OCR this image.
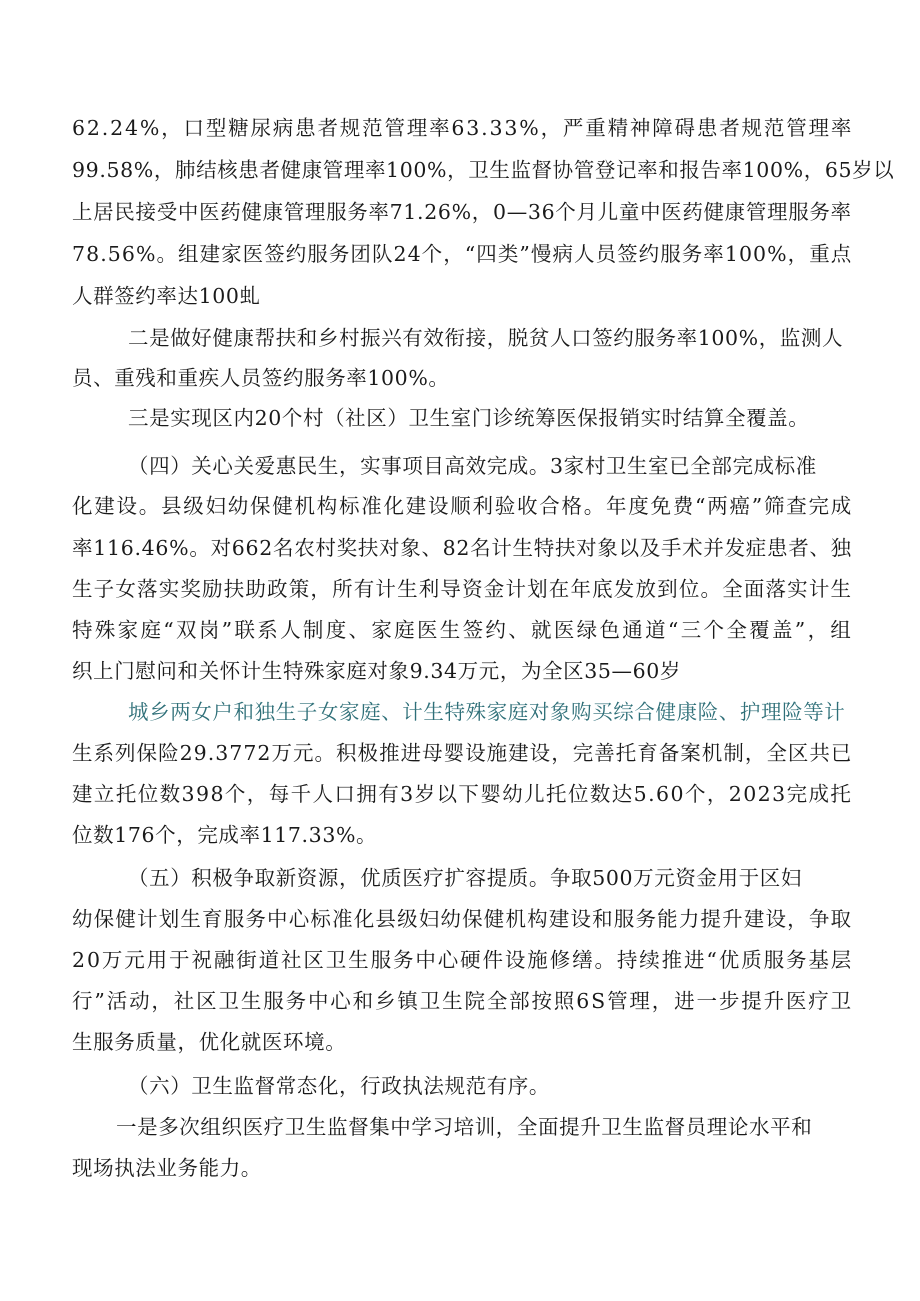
6 2 . 2 4 % ， 口 型 糖 尿 病 患 者 规 范 管 理 率 6 3 . 3 3 % ， 严 重 精 神 障 碍 患 者 规 范 管 理 率
9 9 . 5 8 % ， 肺 结 核 患 者 健 康 管 理 率 1 0 0 % ， 卫 生 监 督 协 管 登 记 率 和 报 告 率 1 0 0 % ， 6 5 岁 以
上 居 民 接 受 中 医 药 健 康 管 理 服 务 率 7 1 . 2 6 % ， 0 — 3 6 个 月 儿 童 中 医 药 健 康 管 理 服 务 率
7 8 . 5 6 % 。 组 建 家 医 签 约 服 务 团 队 2 4 个 ， “ 四 类 ” 慢 病 人 员 签 约 服 务 率 1 0 0 % ， 重 点
人群签约率达100虬
二是做好健康帮扶和乡村振兴有效衔接，脱贫人口签约服务率100%，监测人
员、重残和重疾人员签约服务率100%。
三是实现区内20个村（社区）卫生室门诊统筹医保报销实时结算全覆盖。
（四）关心关爱惠民生，实事项目高效完成。3家村卫生室已全部完成标准
化 建 设 。 县 级 妇 幼 保 健 机 构 标 准 化 建 设 顺 利 验 收 合 格 。 年 度 免 费 “ 两 癌 ” 筛 查 完 成
率 1 1 6 . 4 6 % 。 对 6 6 2 名 农 村 奖 扶 对 象 、 8 2 名 计 生 特 扶 对 象 以 及 手 术 并 发 症 患 者 、 独
生 子 女 落 实 奖 励 扶 助 政 策 ， 所 有 计 生 利 导 资 金 计 划 在 年 底 发 放 到 位 。 全 面 落 实 计 生
特 殊 家 庭 “ 双 岗 ” 联 系 人 制 度 、 家 庭 医 生 签 约 、 就 医 绿 色 通 道 “ 三 个 全 覆 盖 ” ， 组
织上门慰问和关怀计生特殊家庭对象9.34万元，为全区35—60岁
城乡两女户和独生子女家庭、计生特殊家庭对象购买综合健康险、护理险等计
生 系 列 保 险 2 9 . 3 7 7 2 万 元 。 积 极 推 进 母 婴 设 施 建 设 ， 完 善 托 育 备 案 机 制 ， 全 区 共 已
建 立 托 位 数 3 9 8 个 ， 每 千 人 口 拥 有 3 岁 以 下 婴 幼 儿 托 位 数 达 5 . 6 0 个 ， 2 0 2 3 完 成 托
位数176个，完成率117.33%。
（五）积极争取新资源，优质医疗扩容提质。争取500万元资金用于区妇
幼 保 健 计 划 生 育 服 务 中 心 标 准 化 县 级 妇 幼 保 健 机 构 建 设 和 服 务 能 力 提 升 建 设 ， 争 取
2 0 万 元 用 于 祝 融 街 道 社 区 卫 生 服 务 中 心 硬 件 设 施 修 缮 。 持 续 推 进 “ 优 质 服 务 基 层
行 ” 活 动 ， 社 区 卫 生 服 务 中 心 和 乡 镇 卫 生 院 全 部 按 照 6 S 管 理 ， 进 一 步 提 升 医 疗 卫
生服务质量，优化就医环境。
（六）卫生监督常态化，行政执法规范有序。
一是多次组织医疗卫生监督集中学习培训，全面提升卫生监督员理论水平和
现场执法业务能力。
